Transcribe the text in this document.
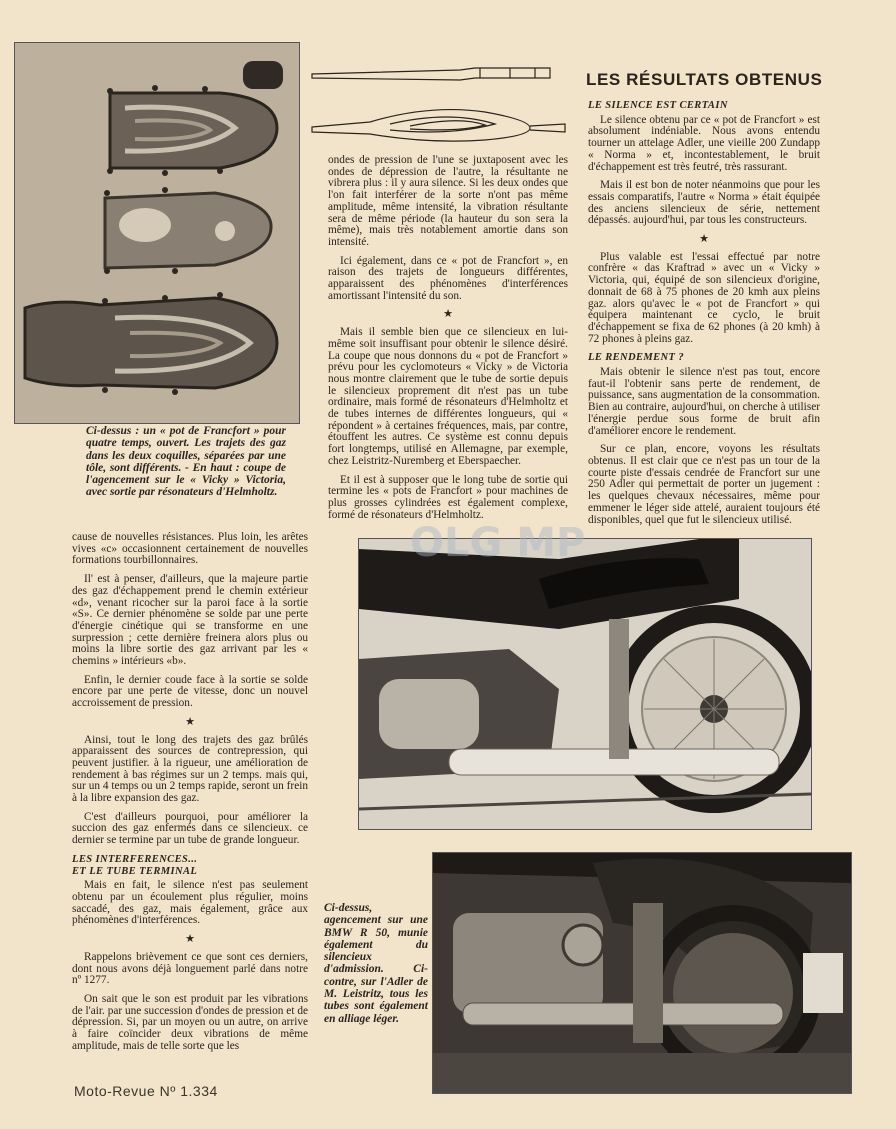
LES RÉSULTATS OBTENUS
Ci-dessus : un « pot de Francfort » pour quatre temps, ouvert. Les trajets des gaz dans les deux coquilles, séparées par une tôle, sont différents. - En haut : coupe de l'agencement sur le « Vicky » Victoria, avec sortie par résonateurs d'Helmholtz.

ondes de pression de l'une se juxtaposent avec les ondes de dépression de l'autre, la résultante ne vibrera plus : il y aura silence. Si les deux ondes que l'on fait interférer de la sorte n'ont pas même amplitude, même intensité, la vibration résultante sera de même période (la hauteur du son sera la même), mais très notablement amortie dans son intensité.

Ici également, dans ce « pot de Francfort », en raison des trajets de longueurs différentes, apparaissent des phénomènes d'interférences amortissant l'intensité du son.

★

Mais il semble bien que ce silencieux en lui-même soit insuffisant pour obtenir le silence désiré. La coupe que nous donnons du « pot de Francfort » prévu pour les cyclomoteurs « Vicky » de Victoria nous montre clairement que le tube de sortie depuis le silencieux proprement dit n'est pas un tube ordinaire, mais formé de résonateurs d'Helmholtz et de tubes internes de différentes longueurs, qui « répondent » à certaines fréquences, mais, par contre, étouffent les autres. Ce système est connu depuis fort longtemps, utilisé en Allemagne, par exemple, chez Leistritz-Nuremberg et Eberspaecher.

Et il est à supposer que le long tube de sortie qui termine les « pots de Francfort » pour machines de plus grosses cylindrées est également complexe, formé de résonateurs d'Helmholtz.

LE SILENCE EST CERTAIN

Le silence obtenu par ce « pot de Francfort » est absolument indéniable. Nous avons entendu tourner un attelage Adler, une vieille 200 Zundapp « Norma » et, incontestablement, le bruit d'échappement est très feutré, très rassurant.

Mais il est bon de noter néanmoins que pour les essais comparatifs, l'autre « Norma » était équipée des anciens silencieux de série, nettement dépassés. aujourd'hui, par tous les constructeurs.

★

Plus valable est l'essai effectué par notre confrère « das Kraftrad » avec un « Vicky » Victoria, qui, équipé de son silencieux d'origine, donnait de 68 à 75 phones de 20 kmh aux pleins gaz. alors qu'avec le « pot de Francfort » qui équipera maintenant ce cyclo, le bruit d'échappement se fixa de 62 phones (à 20 kmh) à 72 phones à pleins gaz.

LE RENDEMENT ?

Mais obtenir le silence n'est pas tout, encore faut-il l'obtenir sans perte de rendement, de puissance, sans augmentation de la consommation. Bien au contraire, aujourd'hui, on cherche à utiliser l'énergie perdue sous forme de bruit afin d'améliorer encore le rendement.

Sur ce plan, encore, voyons les résultats obtenus. Il est clair que ce n'est pas un tour de la courte piste d'essais cendrée de Francfort sur une 250 Adler qui permettait de porter un jugement : les quelques chevaux nécessaires, même pour emmener le léger side attelé, auraient toujours été disponibles, quel que fut le silencieux utilisé.

cause de nouvelles résistances. Plus loin, les arêtes vives «c» occasionnent certainement de nouvelles formations tourbillonnaires.

Il' est à penser, d'ailleurs, que la majeure partie des gaz d'échappement prend le chemin extérieur «d», venant ricocher sur la paroi face à la sortie «S». Ce dernier phénomène se solde par une perte d'énergie cinétique qui se transforme en une surpression ; cette dernière freinera alors plus ou moins la libre sortie des gaz arrivant par les « chemins » intérieurs «b».

Enfin, le dernier coude face à la sortie se solde encore par une perte de vitesse, donc un nouvel accroissement de pression.

★

Ainsi, tout le long des trajets des gaz brûlés apparaissent des sources de contrepression, qui peuvent justifier. à la rigueur, une amélioration de rendement à bas régimes sur un 2 temps. mais qui, sur un 4 temps ou un 2 temps rapide, seront un frein à la libre expansion des gaz.

C'est d'ailleurs pourquoi, pour améliorer la succion des gaz enfermés dans ce silencieux. ce dernier se termine par un tube de grande longueur.

LES INTERFERENCES...
ET LE TUBE TERMINAL

Mais en fait, le silence n'est pas seulement obtenu par un écoulement plus régulier, moins saccadé, des gaz, mais également, grâce aux phénomènes d'interférences.

★

Rappelons brièvement ce que sont ces derniers, dont nous avons déjà longuement parlé dans notre nº 1277.

On sait que le son est produit par les vibrations de l'air. par une succession d'ondes de pression et de dépression. Si, par un moyen ou un autre, on arrive à faire coïncider deux vibrations de même amplitude, mais de telle sorte que les

OLG MP
Ci-dessus, agencement sur une BMW R 50, munie également du silencieux d'admission. Ci-contre, sur l'Adler de M. Leistritz, tous les tubes sont également en alliage léger.
Moto-Revue Nº 1.334
